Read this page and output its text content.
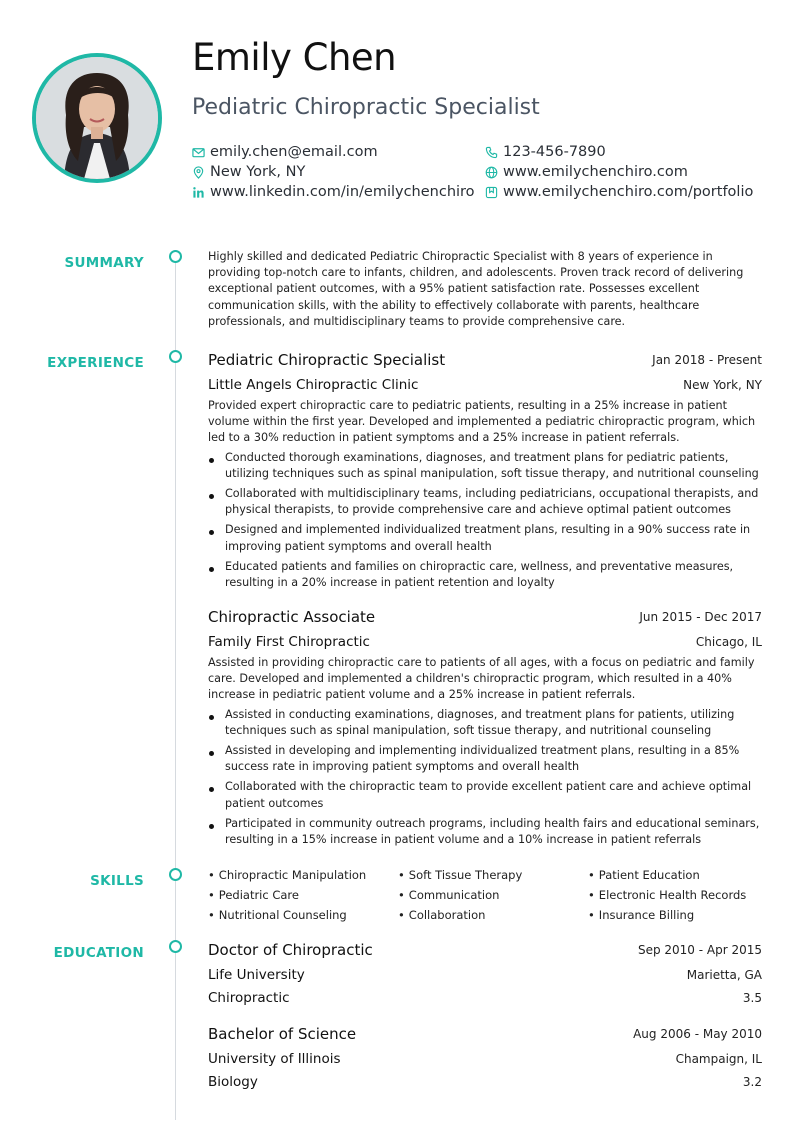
Emily Chen
Pediatric Chiropractic Specialist
emily.chen@email.com	123-456-7890
New York, NY	www.emilychenchiro.com
www.linkedin.com/in/emilychenchiro www.emilychenchiro.com/portfolio
SUMMARY	Highly skilled and dedicated Pediatric Chiropractic Specialist with 8 years of experience in providing top-notch care to infants, children, and adolescents. Proven track record of delivering exceptional patient outcomes, with a 95% patient satisfaction rate. Possesses excellent communication skills, with the ability to effectively collaborate with parents, healthcare professionals, and multidisciplinary teams to provide comprehensive care.
EXPERIENCE	Pediatric Chiropractic Specialist	Jan 2018 - Present
Little Angels Chiropractic Clinic	New York, NY
Provided expert chiropractic care to pediatric patients, resulting in a 25% increase in patient volume within the first year. Developed and implemented a pediatric chiropractic program, which led to a 30% reduction in patient symptoms and a 25% increase in patient referrals.
Conducted thorough examinations, diagnoses, and treatment plans for pediatric patients, utilizing techniques such as spinal manipulation, soft tissue therapy, and nutritional counseling
Collaborated with multidisciplinary teams, including pediatricians, occupational therapists, and physical therapists, to provide comprehensive care and achieve optimal patient outcomes
Designed and implemented individualized treatment plans, resulting in a 90% success rate in improving patient symptoms and overall health
Educated patients and families on chiropractic care, wellness, and preventative measures, resulting in a 20% increase in patient retention and loyalty
Chiropractic Associate	Jun 2015 - Dec 2017
Family First Chiropractic	Chicago, IL
Assisted in providing chiropractic care to patients of all ages, with a focus on pediatric and family care. Developed and implemented a children's chiropractic program, which resulted in a 40% increase in pediatric patient volume and a 25% increase in patient referrals.
Assisted in conducting examinations, diagnoses, and treatment plans for patients, utilizing techniques such as spinal manipulation, soft tissue therapy, and nutritional counseling
Assisted in developing and implementing individualized treatment plans, resulting in a 85% success rate in improving patient symptoms and overall health
Collaborated with the chiropractic team to provide excellent patient care and achieve optimal patient outcomes
Participated in community outreach programs, including health fairs and educational seminars, resulting in a 15% increase in patient volume and a 10% increase in patient referrals
SKILLS	• Chiropractic Manipulation	• Soft Tissue Therapy	• Patient Education
• Pediatric Care	• Communication	• Electronic Health Records
• Nutritional Counseling	• Collaboration	• Insurance Billing
EDUCATION	Doctor of Chiropractic	Sep 2010 - Apr 2015
Life University	Marietta, GA
Chiropractic	3.5
Bachelor of Science	Aug 2006 - May 2010
University of Illinois	Champaign, IL
Biology	3.2
